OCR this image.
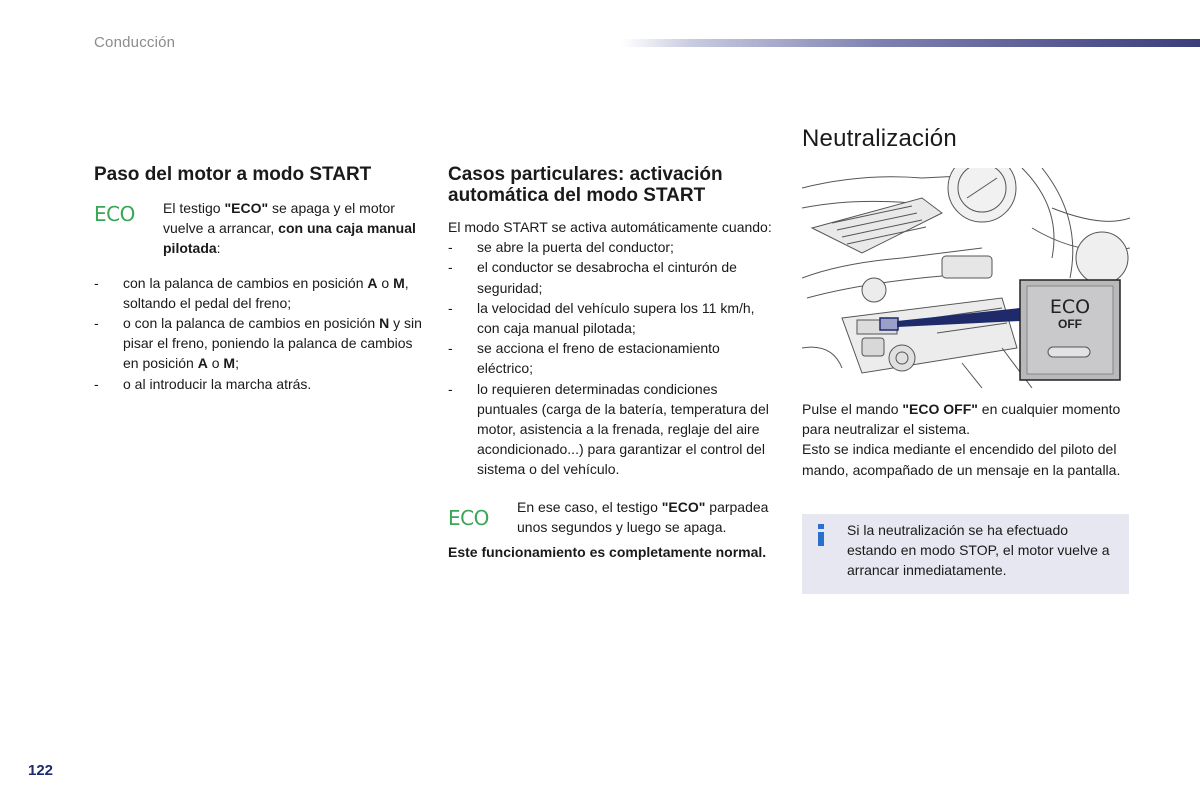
Conducción
Paso del motor a modo START
ECO	El testigo "ECO" se apaga y el motor vuelve a arrancar, con una caja manual pilotada:
- con la palanca de cambios en posición A o M, soltando el pedal del freno;
- o con la palanca de cambios en posición N y sin pisar el freno, poniendo la palanca de cambios en posición A o M;
- o al introducir la marcha atrás.
Casos particulares: activación automática del modo START
El modo START se activa automáticamente cuando:
- se abre la puerta del conductor;
- el conductor se desabrocha el cinturón de seguridad;
- la velocidad del vehículo supera los 11 km/h, con caja manual pilotada;
- se acciona el freno de estacionamiento eléctrico;
- lo requieren determinadas condiciones puntuales (carga de la batería, temperatura del motor, asistencia a la frenada, reglaje del aire acondicionado...) para garantizar el control del sistema o del vehículo.
ECO	En ese caso, el testigo "ECO" parpadea unos segundos y luego se apaga.
Este funcionamiento es completamente normal.
Neutralización
ECO
OFF
Pulse el mando "ECO OFF" en cualquier momento para neutralizar el sistema.
Esto se indica mediante el encendido del piloto del mando, acompañado de un mensaje en la pantalla.
Si la neutralización se ha efectuado estando en modo STOP, el motor vuelve a arrancar inmediatamente.
122
